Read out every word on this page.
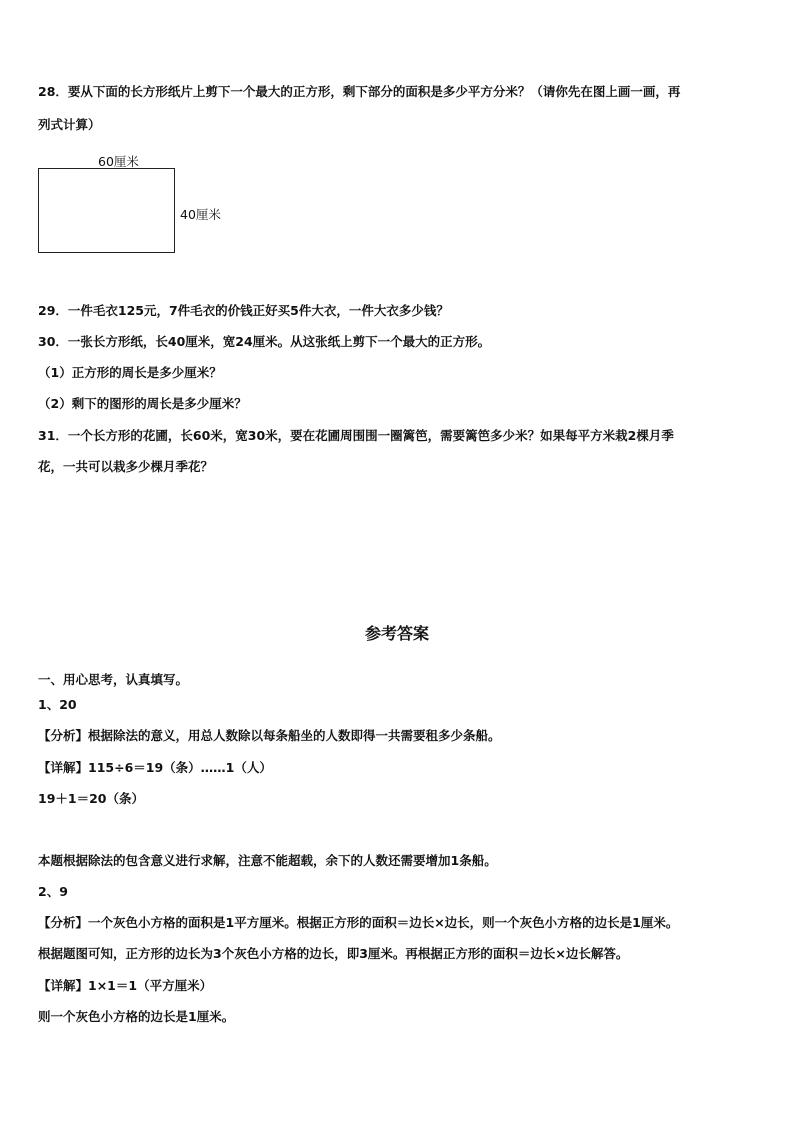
28．要从下面的长方形纸片上剪下一个最大的正方形，剩下部分的面积是多少平方分米？（请你先在图上画一画，再
列式计算）
60厘米
40厘米
29．一件毛衣125元，7件毛衣的价钱正好买5件大衣，一件大衣多少钱？
30．一张长方形纸，长40厘米，宽24厘米。从这张纸上剪下一个最大的正方形。
（1）正方形的周长是多少厘米？
（2）剩下的图形的周长是多少厘米？
31．一个长方形的花圃，长60米，宽30米，要在花圃周围围一圈篱笆，需要篱笆多少米？如果每平方米栽2棵月季
花，一共可以栽多少棵月季花？
参考答案
一、用心思考，认真填写。
1、20
【分析】根据除法的意义，用总人数除以每条船坐的人数即得一共需要租多少条船。
【详解】115÷6＝19（条）……1（人）
19＋1＝20（条）
本题根据除法的包含意义进行求解，注意不能超载，余下的人数还需要增加1条船。
2、9
【分析】一个灰色小方格的面积是1平方厘米。根据正方形的面积＝边长×边长，则一个灰色小方格的边长是1厘米。
根据题图可知，正方形的边长为3个灰色小方格的边长，即3厘米。再根据正方形的面积＝边长×边长解答。
【详解】1×1＝1（平方厘米）
则一个灰色小方格的边长是1厘米。
